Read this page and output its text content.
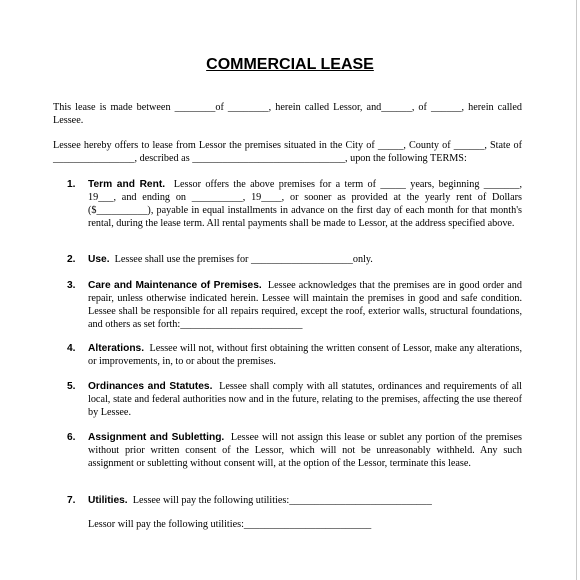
COMMERCIAL LEASE
This lease is made between ________of ________, herein called Lessor, and______, of ______, herein called Lessee.
Lessee hereby offers to lease from Lessor the premises situated in the City of _____, County of ______, State of ________________, described as ______________________________, upon the following TERMS:
1.	Term and Rent. Lessor offers the above premises for a term of _____ years, beginning _______, 19___, and ending on __________, 19____, or sooner as provided at the yearly rent of Dollars ($__________), payable in equal installments in advance on the first day of each month for that month's rental, during the lease term. All rental payments shall be made to Lessor, at the address specified above.
2.	Use. Lessee shall use the premises for ____________________only.
3.	Care and Maintenance of Premises. Lessee acknowledges that the premises are in good order and repair, unless otherwise indicated herein. Lessee will maintain the premises in good and safe condition. Lessee shall be responsible for all repairs required, except the roof, exterior walls, structural foundations, and others as set forth:________________________
4.	Alterations. Lessee will not, without first obtaining the written consent of Lessor, make any alterations, or improvements, in, to or about the premises.
5.	Ordinances and Statutes. Lessee shall comply with all statutes, ordinances and requirements of all local, state and federal authorities now and in the future, relating to the premises, affecting the use thereof by Lessee.
6.	Assignment and Subletting. Lessee will not assign this lease or sublet any portion of the premises without prior written consent of the Lessor, which will not be unreasonably withheld. Any such assignment or subletting without consent will, at the option of the Lessor, terminate this lease.
7.	Utilities. Lessee will pay the following utilities:____________________________
Lessor will pay the following utilities:_________________________
